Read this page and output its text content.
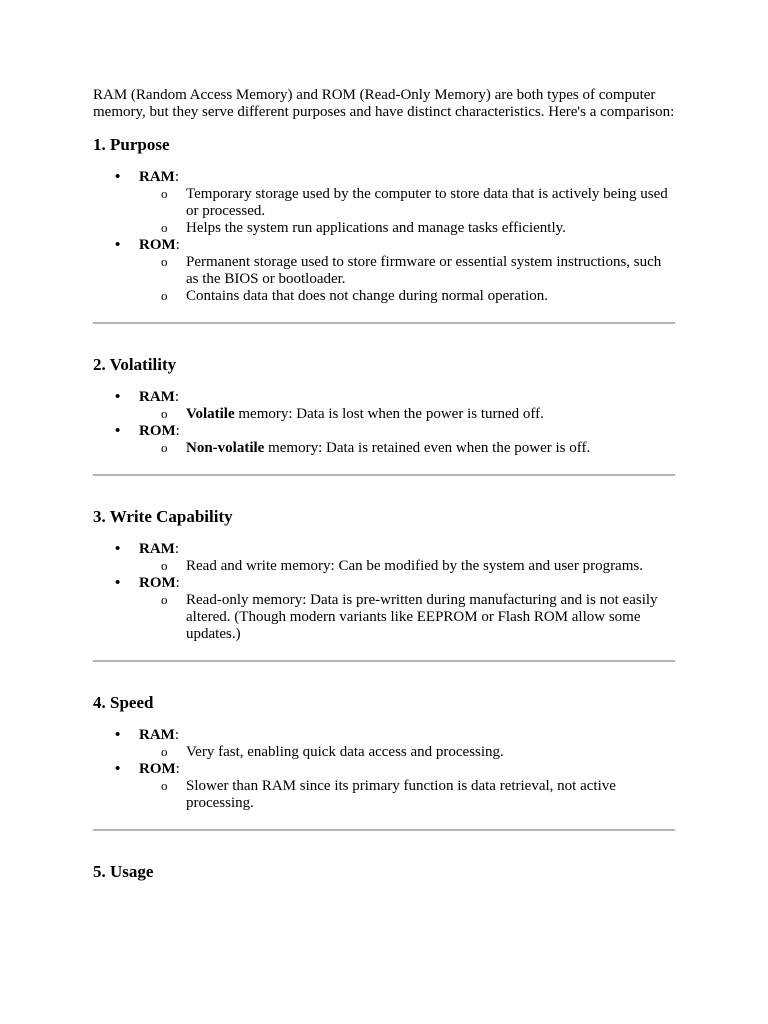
RAM (Random Access Memory) and ROM (Read-Only Memory) are both types of computer memory, but they serve different purposes and have distinct characteristics. Here's a comparison:

1. Purpose
• RAM:
o Temporary storage used by the computer to store data that is actively being used or processed.
o Helps the system run applications and manage tasks efficiently.
• ROM:
o Permanent storage used to store firmware or essential system instructions, such as the BIOS or bootloader.
o Contains data that does not change during normal operation.
2. Volatility
• RAM:
o Volatile memory: Data is lost when the power is turned off.
• ROM:
o Non-volatile memory: Data is retained even when the power is off.
3. Write Capability
• RAM:
o Read and write memory: Can be modified by the system and user programs.
• ROM:
o Read-only memory: Data is pre-written during manufacturing and is not easily altered. (Though modern variants like EEPROM or Flash ROM allow some updates.)
4. Speed
• RAM:
o Very fast, enabling quick data access and processing.
• ROM:
o Slower than RAM since its primary function is data retrieval, not active processing.
5. Usage
